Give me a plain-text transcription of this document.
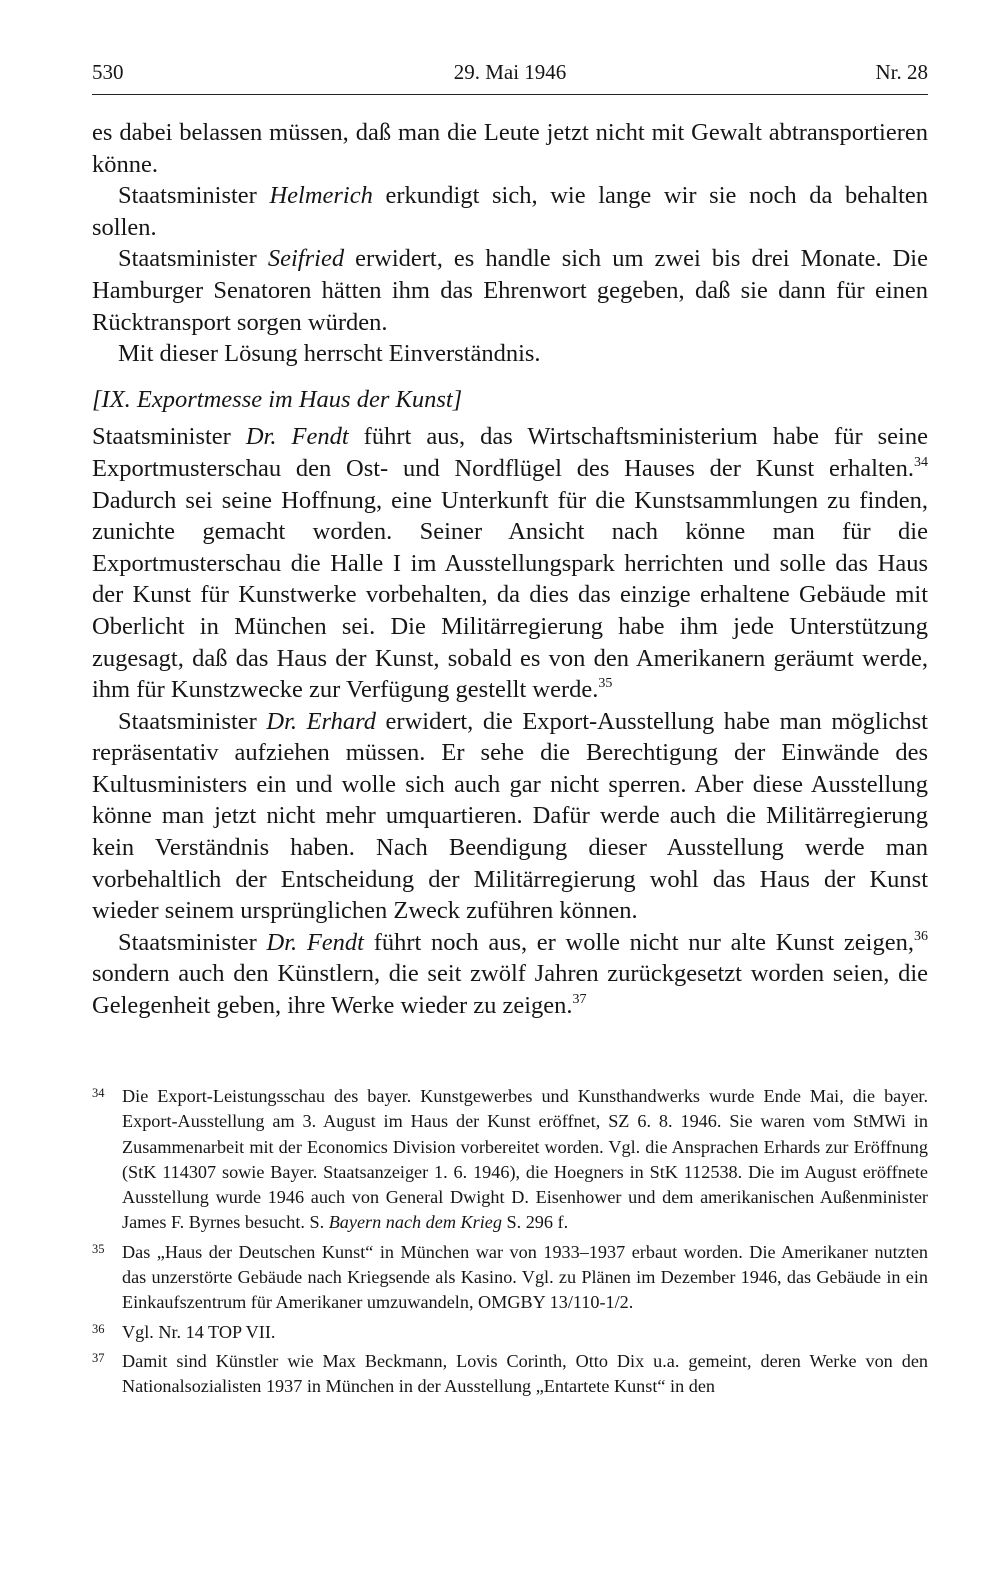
530	29. Mai 1946	Nr. 28

es dabei belassen müssen, daß man die Leute jetzt nicht mit Gewalt abtransportieren könne.

Staatsminister Helmerich erkundigt sich, wie lange wir sie noch da behalten sollen.

Staatsminister Seifried erwidert, es handle sich um zwei bis drei Monate. Die Hamburger Senatoren hätten ihm das Ehrenwort gegeben, daß sie dann für einen Rücktransport sorgen würden.

Mit dieser Lösung herrscht Einverständnis.

[IX. Exportmesse im Haus der Kunst]

Staatsminister Dr. Fendt führt aus, das Wirtschaftsministerium habe für seine Exportmusterschau den Ost- und Nordflügel des Hauses der Kunst erhalten.$^{34}$ Dadurch sei seine Hoffnung, eine Unterkunft für die Kunstsammlungen zu finden, zunichte gemacht worden. Seiner Ansicht nach könne man für die Exportmusterschau die Halle I im Ausstellungspark herrichten und solle das Haus der Kunst für Kunstwerke vorbehalten, da dies das einzige erhaltene Gebäude mit Oberlicht in München sei. Die Militärregierung habe ihm jede Unterstützung zugesagt, daß das Haus der Kunst, sobald es von den Amerikanern geräumt werde, ihm für Kunstzwecke zur Verfügung gestellt werde.$^{35}$

Staatsminister Dr. Erhard erwidert, die Export-Ausstellung habe man möglichst repräsentativ aufziehen müssen. Er sehe die Berechtigung der Einwände des Kultusministers ein und wolle sich auch gar nicht sperren. Aber diese Ausstellung könne man jetzt nicht mehr umquartieren. Dafür werde auch die Militärregierung kein Verständnis haben. Nach Beendigung dieser Ausstellung werde man vorbehaltlich der Entscheidung der Militärregierung wohl das Haus der Kunst wieder seinem ursprünglichen Zweck zuführen können.

Staatsminister Dr. Fendt führt noch aus, er wolle nicht nur alte Kunst zeigen,$^{36}$ sondern auch den Künstlern, die seit zwölf Jahren zurückgesetzt worden seien, die Gelegenheit geben, ihre Werke wieder zu zeigen.$^{37}$

34 Die Export-Leistungsschau des bayer. Kunstgewerbes und Kunsthandwerks wurde Ende Mai, die bayer. Export-Ausstellung am 3. August im Haus der Kunst eröffnet, SZ 6. 8. 1946. Sie waren vom StMWi in Zusammenarbeit mit der Economics Division vorbereitet worden. Vgl. die Ansprachen Erhards zur Eröffnung (StK 114307 sowie Bayer. Staatsanzeiger 1. 6. 1946), die Hoegners in StK 112538. Die im August eröffnete Ausstellung wurde 1946 auch von General Dwight D. Eisenhower und dem amerikanischen Außenminister James F. Byrnes besucht. S. Bayern nach dem Krieg S. 296 f.
35 Das „Haus der Deutschen Kunst“ in München war von 1933–1937 erbaut worden. Die Amerikaner nutzten das unzerstörte Gebäude nach Kriegsende als Kasino. Vgl. zu Plänen im Dezember 1946, das Gebäude in ein Einkaufszentrum für Amerikaner umzuwandeln, OMGBY 13/110-1/2.
36 Vgl. Nr. 14 TOP VII.
37 Damit sind Künstler wie Max Beckmann, Lovis Corinth, Otto Dix u.a. gemeint, deren Werke von den Nationalsozialisten 1937 in München in der Ausstellung „Entartete Kunst“ in den
